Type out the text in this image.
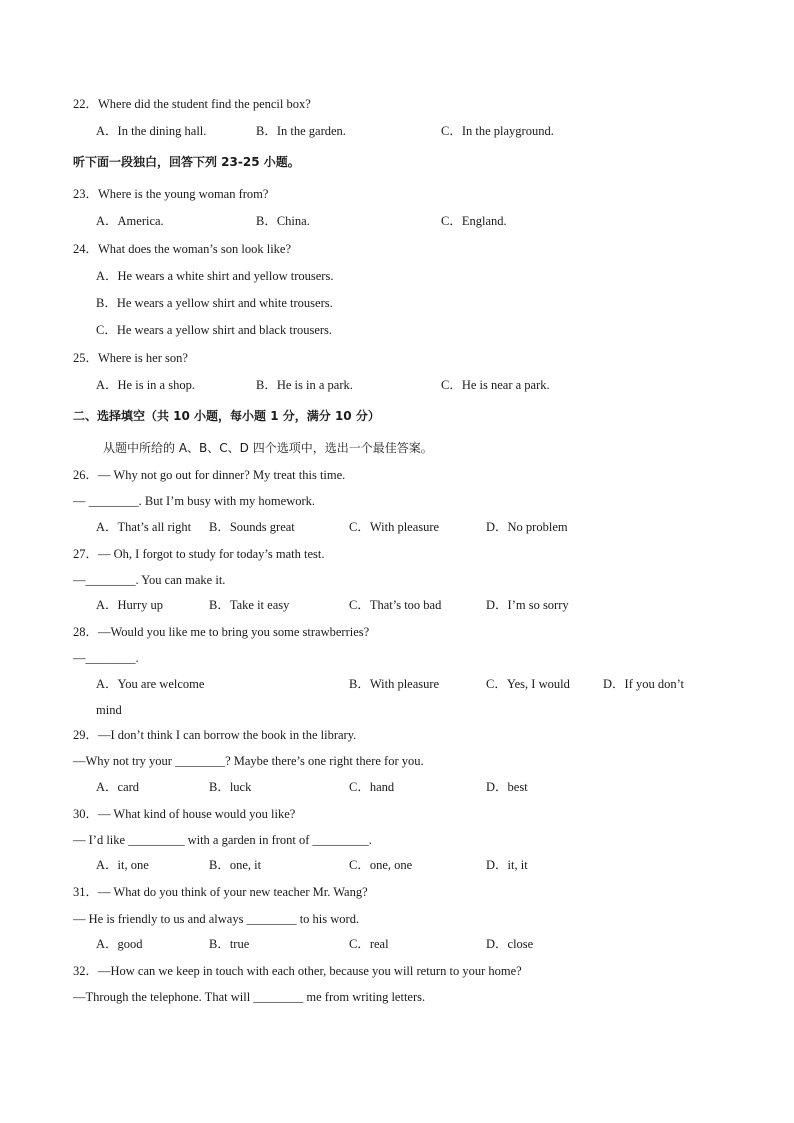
22．Where did the student find the pencil box?
A．In the dining hall.	B．In the garden.	C．In the playground.
听下面一段独白，回答下列 23-25 小题。
23．Where is the young woman from?
A．America.	B．China.	C．England.
24．What does the woman’s son look like?
A．He wears a white shirt and yellow trousers.
B．He wears a yellow shirt and white trousers.
C．He wears a yellow shirt and black trousers.
25．Where is her son?
A．He is in a shop.	B．He is in a park.	C．He is near a park.
二、选择填空（共 10 小题，每小题 1 分，满分 10 分）
从题中所给的 A、B、C、D 四个选项中，选出一个最佳答案。
26．— Why not go out for dinner? My treat this time.
— ________. But I’m busy with my homework.
A．That’s all right B．Sounds great	C．With pleasure	D．No problem
27．— Oh, I forgot to study for today’s math test.
—________. You can make it.
A．Hurry up	B．Take it easy	C．That’s too bad	D．I’m so sorry
28．—Would you like me to bring you some strawberries?
—________.
A．You are welcome	B．With pleasure	C．Yes, I would	D．If you don’t
mind
29．—I don’t think I can borrow the book in the library.
—Why not try your ________? Maybe there’s one right there for you.
A．card	B．luck	C．hand	D．best
30．— What kind of house would you like?
— I’d like _________ with a garden in front of _________.
A．it, one	B．one, it	C．one, one	D．it, it
31．— What do you think of your new teacher Mr. Wang?
— He is friendly to us and always ________ to his word.
A．good	B．true	C．real	D．close
32．—How can we keep in touch with each other, because you will return to your home?
—Through the telephone. That will ________ me from writing letters.
